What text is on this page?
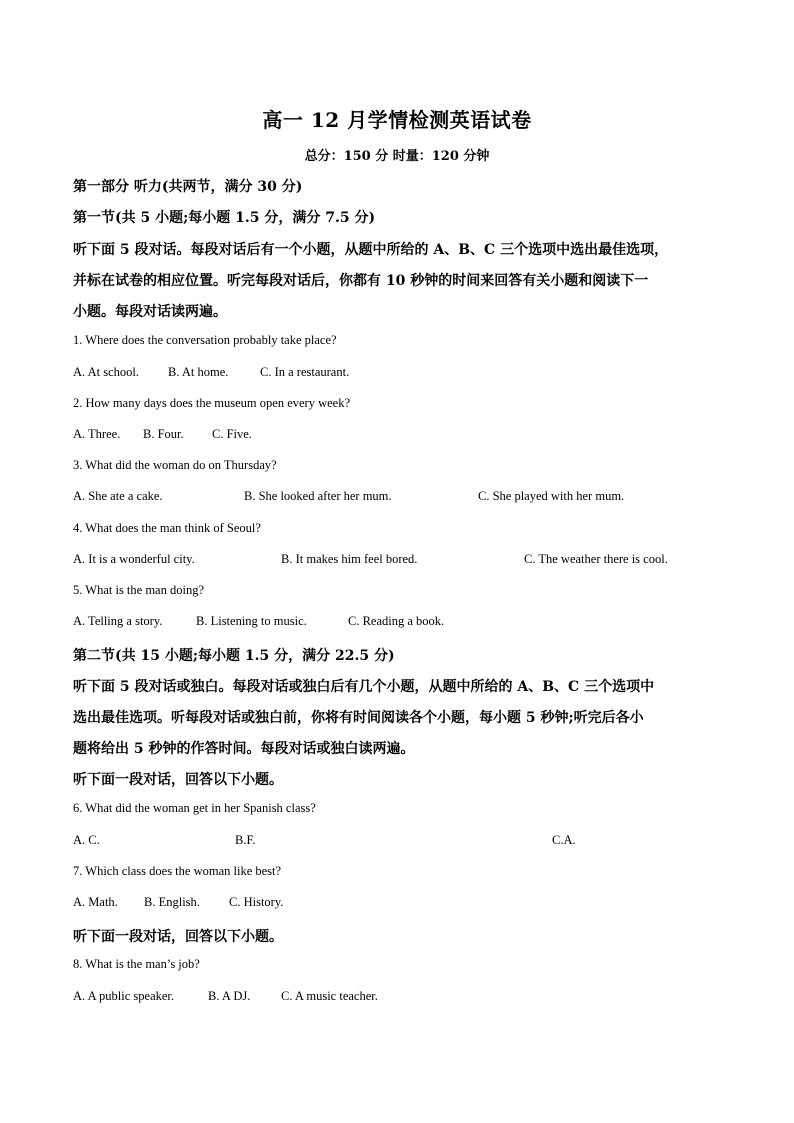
高一 12 月学情检测英语试卷
总分：150 分 时量：120 分钟
第一部分 听力(共两节，满分 30 分)
第一节(共 5 小题;每小题 1.5 分，满分 7.5 分)
听下面 5 段对话。每段对话后有一个小题，从题中所给的 A、B、C 三个选项中选出最佳选项，
并标在试卷的相应位置。听完每段对话后，你都有 10 秒钟的时间来回答有关小题和阅读下一
小题。每段对话读两遍。
1. Where does the conversation probably take place?
A. At school. B. At home.	C. In a restaurant.
2. How many days does the museum open every week?
A. Three. B. Four. C. Five.
3. What did the woman do on Thursday?
A. She ate a cake.	B. She looked after her mum.	C. She played with her mum.
4. What does the man think of Seoul?
A. It is a wonderful city.	B. It makes him feel bored.	C. The weather there is cool.
5. What is the man doing?
A. Telling a story.	B. Listening to music.	C. Reading a book.
第二节(共 15 小题;每小题 1.5 分，满分 22.5 分)
听下面 5 段对话或独白。每段对话或独白后有几个小题，从题中所给的 A、B、C 三个选项中
选出最佳选项。听每段对话或独白前，你将有时间阅读各个小题，每小题 5 秒钟;听完后各小
题将给出 5 秒钟的作答时间。每段对话或独白读两遍。
听下面一段对话，回答以下小题。
6. What did the woman get in her Spanish class?
A. C.	B.F.	C.A.
7. Which class does the woman like best?
A. Math. B. English. C. History.
听下面一段对话，回答以下小题。
8. What is the man’s job?
A. A public speaker.	B. A DJ. C. A music teacher.
